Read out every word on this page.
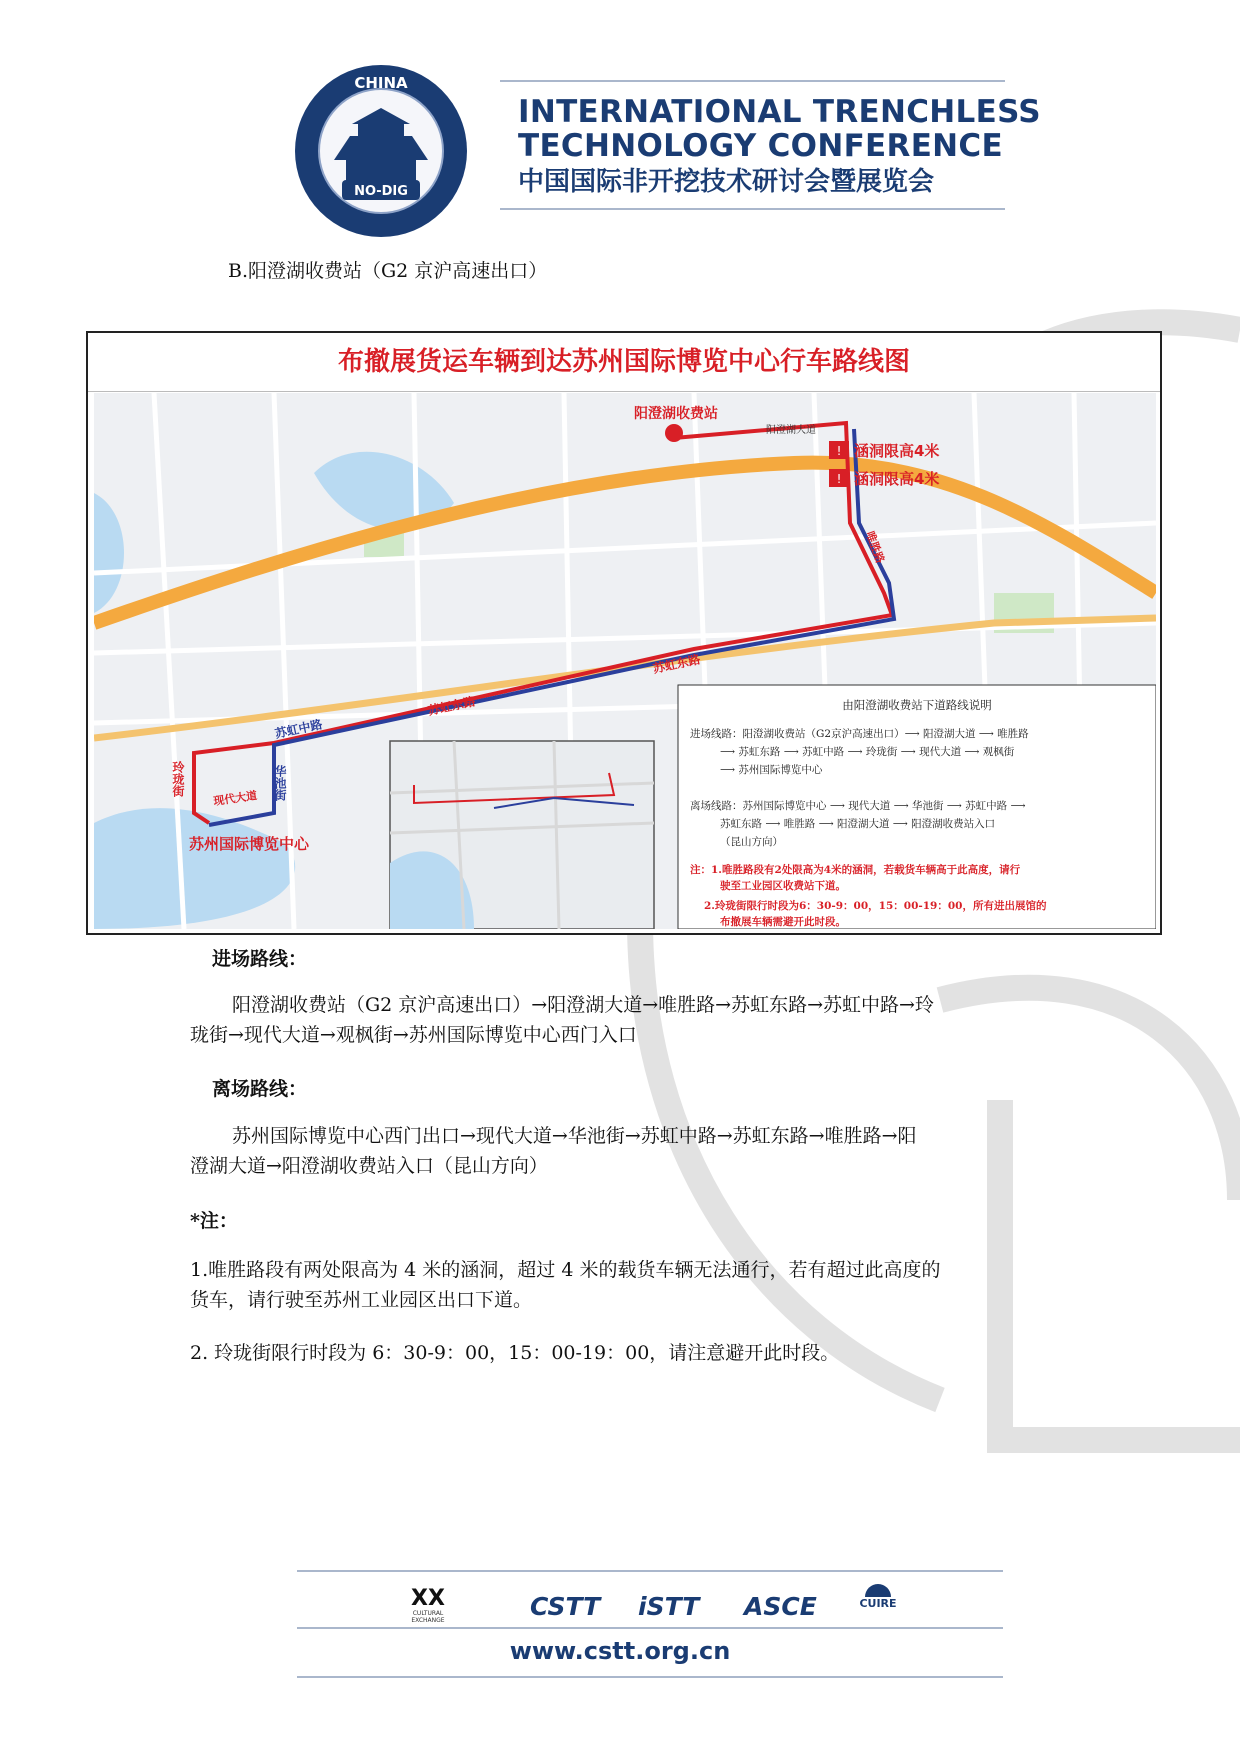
CHINA
NO-DIG
INTERNATIONAL TRENCHLESS
TECHNOLOGY CONFERENCE
中国国际非开挖技术研讨会暨展览会
B.阳澄湖收费站（G2 京沪高速出口）
布撤展货运车辆到达苏州国际博览中心行车路线图
阳澄湖收费站
! 涵洞限高4米
! 涵洞限高4米
阳澄湖大道
唯胜路
苏虹东路
苏虹东路
苏虹中路
华池街
玲珑街
现代大道
苏州国际博览中心
由阳澄湖收费站下道路线说明
进场线路：阳澄湖收费站（G2京沪高速出口）⟶ 阳澄湖大道 ⟶ 唯胜路
⟶ 苏虹东路 ⟶ 苏虹中路 ⟶ 玲珑街 ⟶ 现代大道 ⟶ 观枫街
⟶ 苏州国际博览中心
离场线路：苏州国际博览中心 ⟶ 现代大道 ⟶ 华池街 ⟶ 苏虹中路 ⟶
苏虹东路 ⟶ 唯胜路 ⟶ 阳澄湖大道 ⟶ 阳澄湖收费站入口
（昆山方向）
注：1.唯胜路段有2处限高为4米的涵洞，若载货车辆高于此高度，请行
驶至工业园区收费站下道。
2.玲珑街限行时段为6：30-9：00，15：00-19：00，所有进出展馆的
布撤展车辆需避开此时段。
进场路线：
阳澄湖收费站（G2 京沪高速出口）→阳澄湖大道→唯胜路→苏虹东路→苏虹中路→玲
珑街→现代大道→观枫街→苏州国际博览中心西门入口
离场路线：
苏州国际博览中心西门出口→现代大道→华池街→苏虹中路→苏虹东路→唯胜路→阳
澄湖大道→阳澄湖收费站入口（昆山方向）
*注：
1.唯胜路段有两处限高为 4 米的涵洞，超过 4 米的载货车辆无法通行，若有超过此高度的
货车，请行驶至苏州工业园区出口下道。
2. 玲珑街限行时段为 6：30-9：00，15：00-19：00，请注意避开此时段。
XX
CULTURAL
EXCHANGE	CSTT iSTT ASCE	CUIRE
www.cstt.org.cn
